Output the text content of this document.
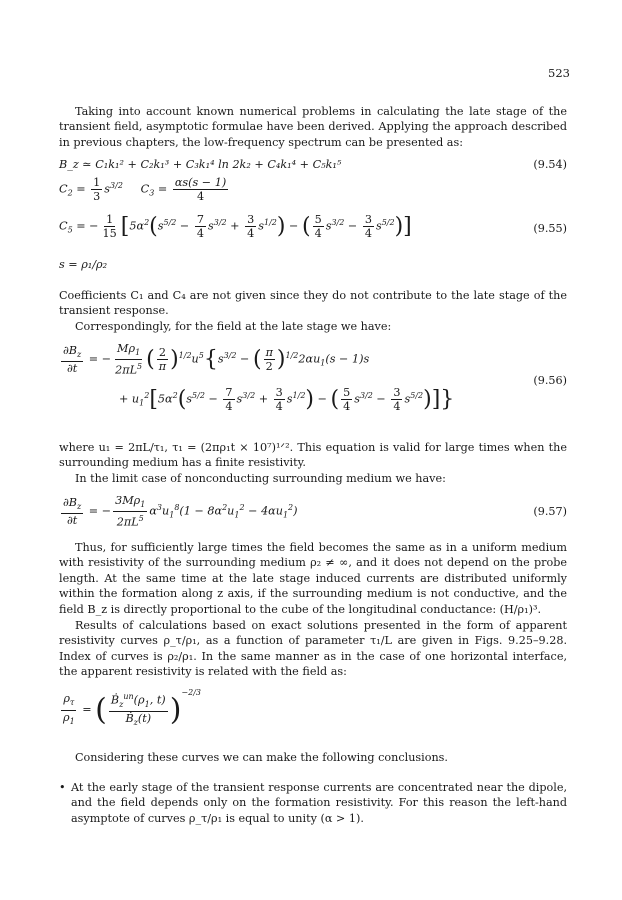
523

Taking into account known numerical problems in calculating the late stage of the transient field, asymptotic formulae have been derived. Applying the approach described in previous chapters, the low-frequency spectrum can be presented as:

B_z ≃ C₁k₁² + C₂k₁³ + C₃k₁⁴ ln 2k₂ + C₄k₁⁴ + C₅k₁⁵	(9.54)
$C_2 = \frac{1}{3} s^{3/2}$     $C_3 = \frac{\alpha s(s - 1)}{4}$
$C_5$ = − $\frac{1}{15} [5\alpha^2(s^{5/2} - \frac{7}{4} s^{3/2} + \frac{3}{4} s^{1/2})$ − ( $\frac{5}{4} s^{3/2} - \frac{3}{4} s^{5/2}$)]	(9.55)
s = ρ₁/ρ₂

Coefficients C₁ and C₄ are not given since they do not contribute to the late stage of the transient response.

Correspondingly, for the field at the late stage we have:

$\frac{\partial B_z}{\partial t}$ = − $\frac{M\rho_1}{2\pi L^5}$ ( $\frac{2}{\pi} )^{1/2}u^5\{s^{3/2}$ − ( $\frac{\pi}{2} )^{1/2}2\alpha u_1(s - 1)s$
+ $u_1^2[5\alpha^2(s^{5/2} - \frac{7}{4} s^{3/2} + \frac{3}{4} s^{1/2})$ − ( $\frac{5}{4} s^{3/2} - \frac{3}{4} s^{5/2}$)]}
(9.56)

where u₁ = 2πL/τ₁, τ₁ = (2πρ₁t × 10⁷)¹ᐟ². This equation is valid for large times when the surrounding medium has a finite resistivity.

In the limit case of nonconducting surrounding medium we have:

$\frac{\partial B_z}{\partial t}$ = − $\frac{3M\rho_1}{2\pi L^5} \alpha^3u_1^8(1 - 8\alpha^2u_1^2 - 4\alpha u_1^2)$	(9.57)

Thus, for sufficiently large times the field becomes the same as in a uniform medium with resistivity of the surrounding medium ρ₂ ≠ ∞, and it does not depend on the probe length. At the same time at the late stage induced currents are distributed uniformly within the formation along z axis, if the surrounding medium is not conductive, and the field B_z is directly proportional to the cube of the longitudinal conductance: (H/ρ₁)³.

Results of calculations based on exact solutions presented in the form of apparent resistivity curves ρ_τ/ρ₁, as a function of parameter τ₁/L are given in Figs. 9.25–9.28. Index of curves is ρ₂/ρ₁. In the same manner as in the case of one horizontal interface, the apparent resistivity is related with the field as:

$\frac{\rho_\tau}{\rho_1}$ = ( $\frac{Ḃ_z^{un}(\rho_1, t)}{Ḃ_z(t)} )^{-2/3}$

Considering these curves we can make the following conclusions.

• At the early stage of the transient response currents are concentrated near the dipole, and the field depends only on the formation resistivity. For this reason the left-hand asymptote of curves ρ_τ/ρ₁ is equal to unity (α > 1).
